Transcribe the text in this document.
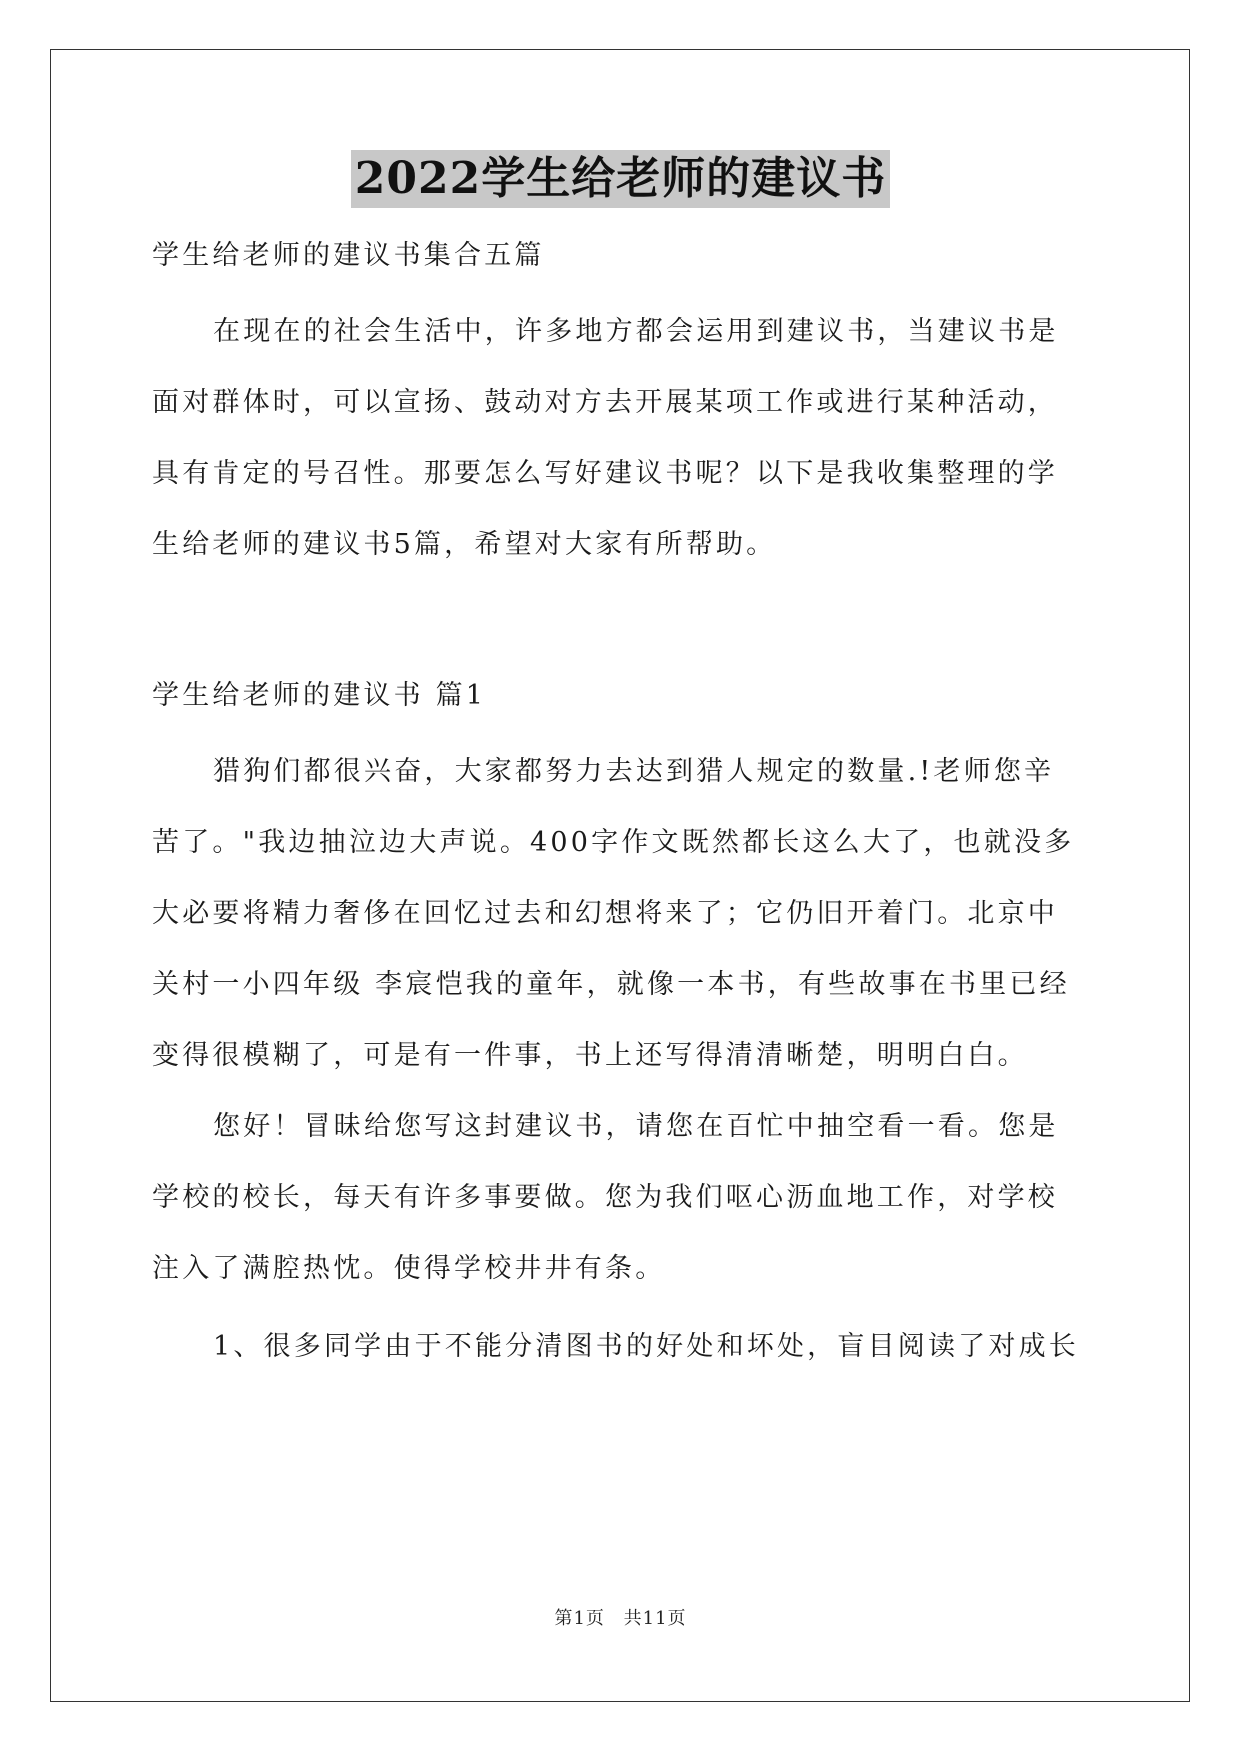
2022学生给老师的建议书

学生给老师的建议书集合五篇

在现在的社会生活中，许多地方都会运用到建议书，当建议书是

面对群体时，可以宣扬、鼓动对方去开展某项工作或进行某种活动，

具有肯定的号召性。那要怎么写好建议书呢？以下是我收集整理的学

生给老师的建议书5篇，希望对大家有所帮助。

学生给老师的建议书 篇1

猎狗们都很兴奋，大家都努力去达到猎人规定的数量.!老师您辛

苦了。"我边抽泣边大声说。400字作文既然都长这么大了，也就没多

大必要将精力奢侈在回忆过去和幻想将来了；它仍旧开着门。北京中

关村一小四年级 李宸恺我的童年，就像一本书，有些故事在书里已经

变得很模糊了，可是有一件事，书上还写得清清晰楚，明明白白。

您好！冒昧给您写这封建议书，请您在百忙中抽空看一看。您是

学校的校长，每天有许多事要做。您为我们呕心沥血地工作，对学校

注入了满腔热忱。使得学校井井有条。

1、很多同学由于不能分清图书的好处和坏处，盲目阅读了对成长

第1页 共11页
